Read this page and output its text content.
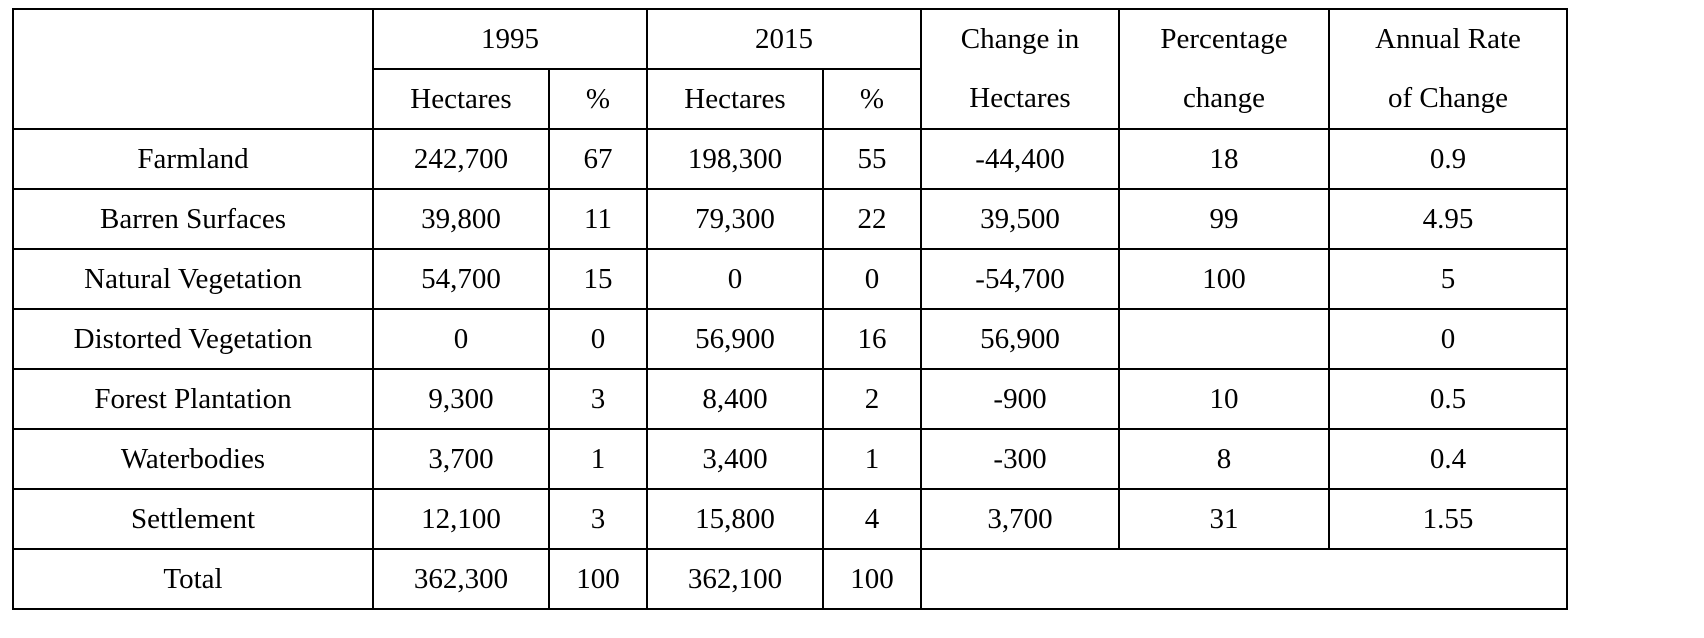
	1995		2015		Change in	Percentage	Annual Rate
	Hectares	%	Hectares	%	Hectares	change	of Change
Farmland	242,700	67	198,300	55	-44,400	18	0.9
Barren Surfaces	39,800	11	79,300	22	39,500	99	4.95
Natural Vegetation	54,700	15	0	0	-54,700	100	5
Distorted Vegetation	0	0	56,900	16	56,900		0
Forest Plantation	9,300	3	8,400	2	-900	10	0.5
Waterbodies	3,700	1	3,400	1	-300	8	0.4
Settlement	12,100	3	15,800	4	3,700	31	1.55
Total	362,300	100	362,100	100			
